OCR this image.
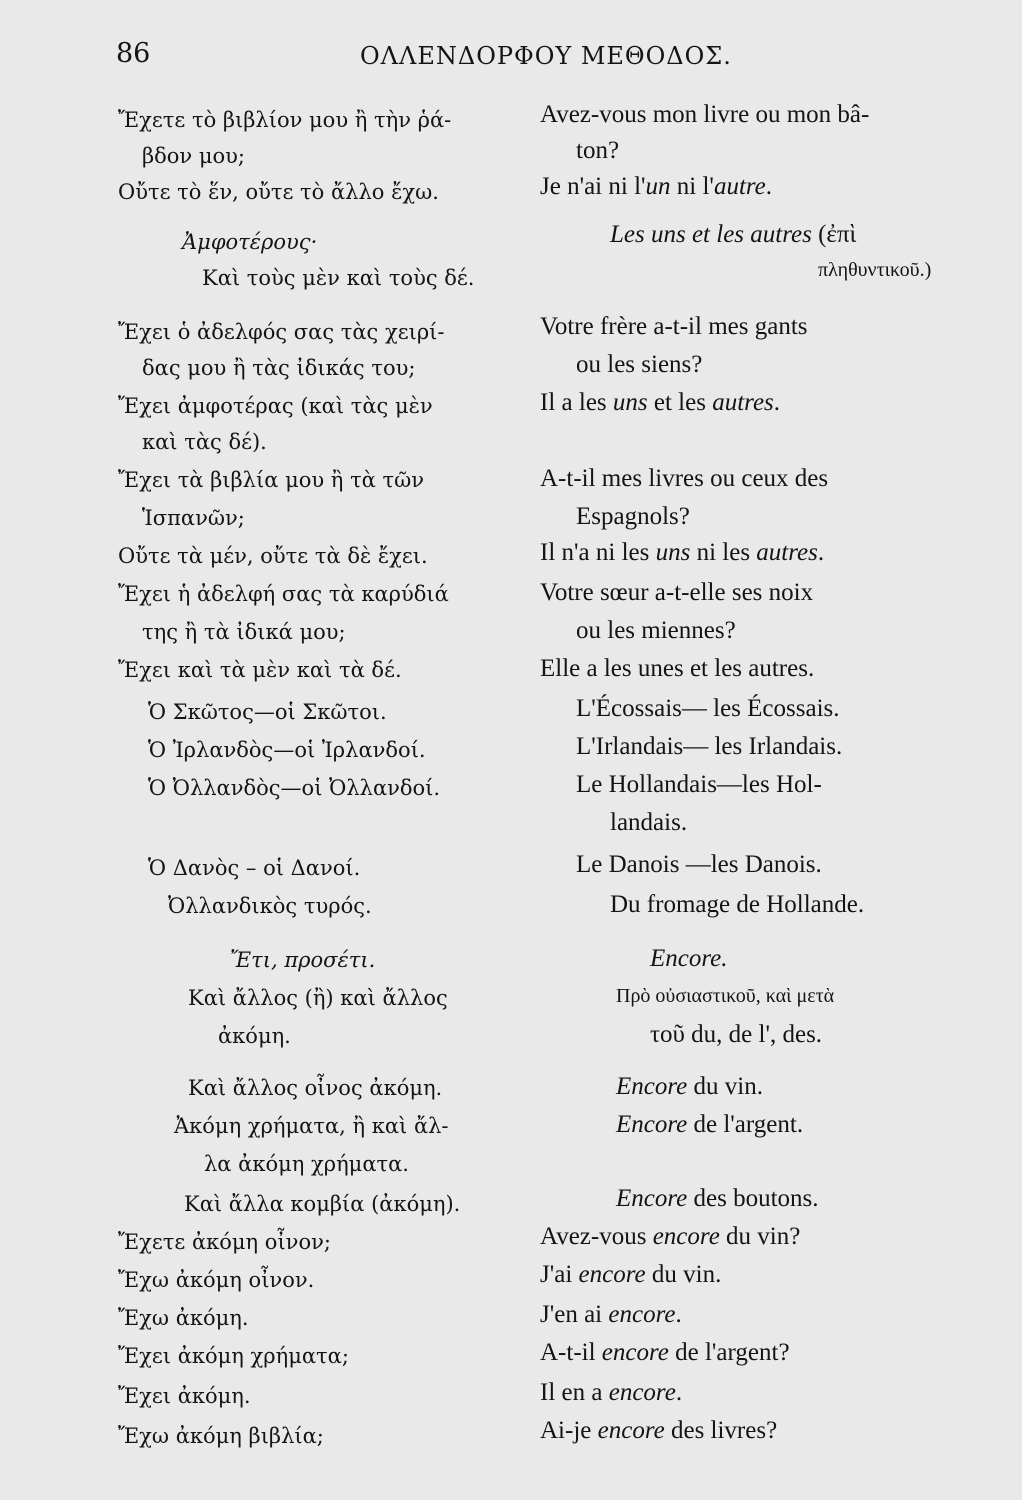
86	ΟΛΛΕΝΔΟΡΦΟΥ ΜΕΘΟΔΟΣ.
Ἔχετε τὸ βιβλίον μου ἢ τὴν ῥά-
βδον μου;
Οὔτε τὸ ἕν, οὔτε τὸ ἄλλο ἔχω.
Ἀμφοτέρους·
Καὶ τοὺς μὲν καὶ τοὺς δέ.
Ἔχει ὁ ἀδελφός σας τὰς χειρί-
δας μου ἢ τὰς ἰδικάς του;
Ἔχει ἀμφοτέρας (καὶ τὰς μὲν
καὶ τὰς δέ).
Ἔχει τὰ βιβλία μου ἢ τὰ τῶν
Ἱσπανῶν;
Οὔτε τὰ μέν, οὔτε τὰ δὲ ἔχει.
Ἔχει ἡ ἀδελφή σας τὰ καρύδιά
της ἢ τὰ ἰδικά μου;
Ἔχει καὶ τὰ μὲν καὶ τὰ δέ.
Ὁ Σκῶτος—οἱ Σκῶτοι.
Ὁ Ἰρλανδὸς—οἱ Ἰρλανδοί.
Ὁ Ὀλλανδὸς—οἱ Ὀλλανδοί.
Ὁ Δανὸς – οἱ Δανοί.
Ὀλλανδικὸς τυρός.
Ἔτι, προσέτι.
Καὶ ἄλλος (ἢ) καὶ ἄλλος
ἀκόμη.
Καὶ ἄλλος οἶνος ἀκόμη.
Ἀκόμη χρήματα, ἢ καὶ ἄλ-
λα ἀκόμη χρήματα.
Καὶ ἄλλα κομβία (ἀκόμη).
Ἔχετε ἀκόμη οἶνον;
Ἔχω ἀκόμη οἶνον.
Ἔχω ἀκόμη.
Ἔχει ἀκόμη χρήματα;
Ἔχει ἀκόμη.
Ἔχω ἀκόμη βιβλία;
Avez-vous mon livre ou mon bâ-
ton?
Je n'ai ni l'un ni l'autre.
Les uns et les autres (ἐπὶ
πληθυντικοῦ.)
Votre frère a-t-il mes gants
ou les siens?
Il a les uns et les autres.
A-t-il mes livres ou ceux des
Espagnols?
Il n'a ni les uns ni les autres.
Votre sœur a-t-elle ses noix
ou les miennes?
Elle a les unes et les autres.
L'Écossais— les Écossais.
L'Irlandais— les Irlandais.
Le Hollandais—les Hol-
landais.
Le Danois —les Danois.
Du fromage de Hollande.
Encore.
Πρὸ οὐσιαστικοῦ, καὶ μετὰ
τοῦ du, de l', des.
Encore du vin.
Encore de l'argent.
Encore des boutons.
Avez-vous encore du vin?
J'ai encore du vin.
J'en ai encore.
A-t-il encore de l'argent?
Il en a encore.
Ai-je encore des livres?
